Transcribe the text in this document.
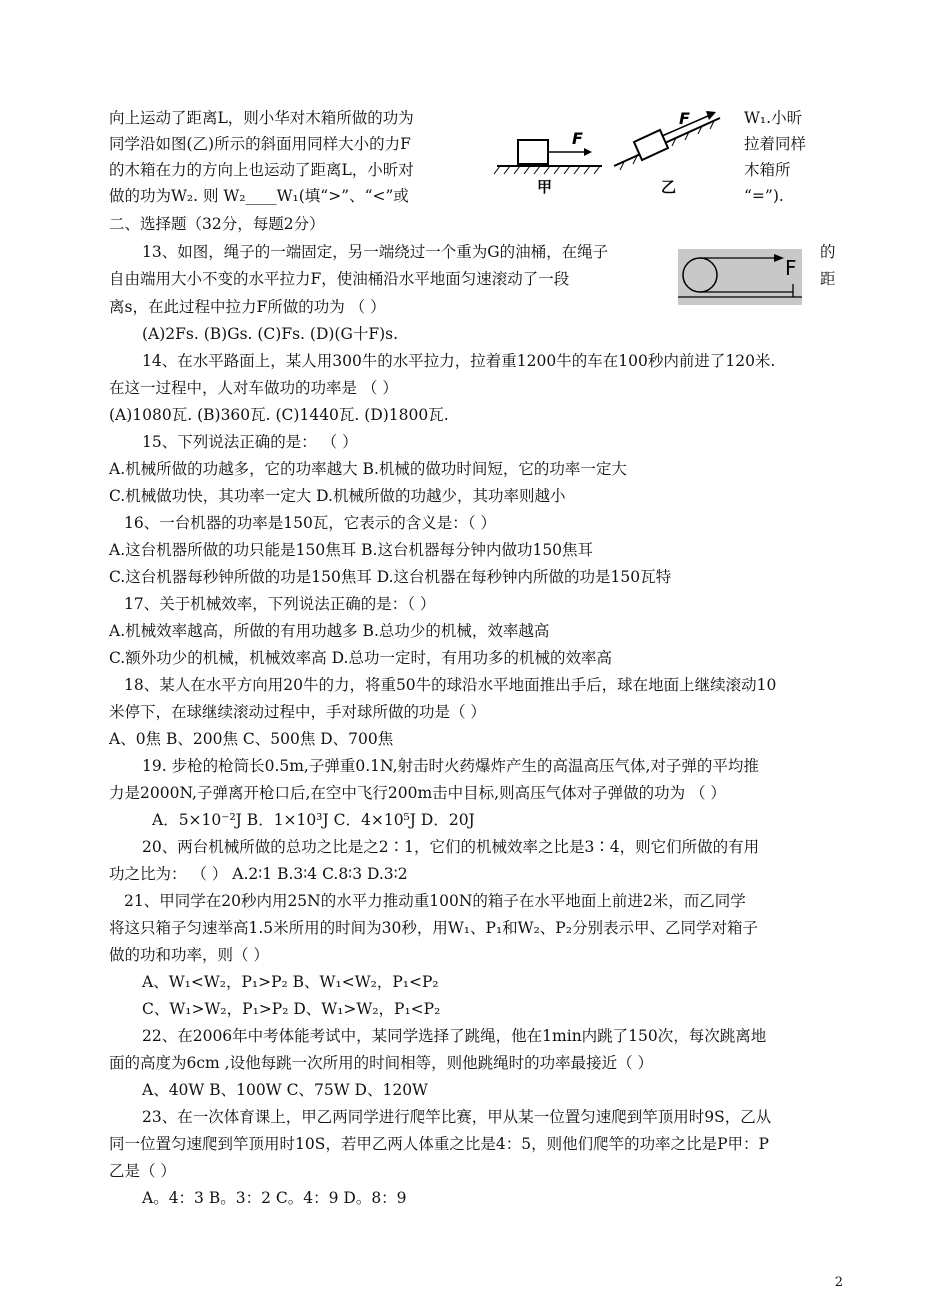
向上运动了距离L，则小华对木箱所做的功为	W₁.小昕
同学沿如图(乙)所示的斜面用同样大小的力F	拉着同样
的木箱在力的方向上也运动了距离L，小昕对	木箱所
做的功为W₂. 则 W₂____W₁(填“>”、“<”或	“=”).
F
甲
F
乙
二、选择题（32分，每题2分）
13、如图，绳子的一端固定，另一端绕过一个重为G的油桶，在绳子	的
自由端用大小不变的水平拉力F，使油桶沿水平地面匀速滚动了一段	距
离s，在此过程中拉力F所做的功为 （ ）
(A)2Fs. (B)Gs. (C)Fs. (D)(G十F)s.
F
14、在水平路面上，某人用300牛的水平拉力，拉着重1200牛的车在100秒内前进了120米.
在这一过程中，人对车做功的功率是 （ ）
(A)1080瓦. (B)360瓦. (C)1440瓦. (D)1800瓦.
15、下列说法正确的是： （ ）
A.机械所做的功越多，它的功率越大 B.机械的做功时间短，它的功率一定大
C.机械做功快，其功率一定大 D.机械所做的功越少，其功率则越小
16、一台机器的功率是150瓦，它表示的含义是：（ ）
A.这台机器所做的功只能是150焦耳 B.这台机器每分钟内做功150焦耳
C.这台机器每秒钟所做的功是150焦耳 D.这台机器在每秒钟内所做的功是150瓦特
17、关于机械效率，下列说法正确的是：（ ）
A.机械效率越高，所做的有用功越多 B.总功少的机械，效率越高
C.额外功少的机械，机械效率高 D.总功一定时，有用功多的机械的效率高
18、某人在水平方向用20牛的力，将重50牛的球沿水平地面推出手后，球在地面上继续滚动10
米停下，在球继续滚动过程中，手对球所做的功是（ ）
A、0焦 B、200焦 C、500焦 D、700焦
19. 步枪的枪筒长0.5m,子弹重0.1N,射击时火药爆炸产生的高温高压气体,对子弹的平均推
力是2000N,子弹离开枪口后,在空中飞行200m击中目标,则高压气体对子弹做的功为 （ ）
A．5×10⁻²J B．1×10³J C．4×10⁵J D．20J
20、两台机械所做的总功之比是之2∶1，它们的机械效率之比是3∶4，则它们所做的有用
功之比为： （ ） A.2∶1 B.3∶4 C.8∶3 D.3∶2
21、甲同学在20秒内用25N的水平力推动重100N的箱子在水平地面上前进2米，而乙同学
将这只箱子匀速举高1.5米所用的时间为30秒，用W₁、P₁和W₂、P₂分别表示甲、乙同学对箱子
做的功和功率，则（ ）
A、W₁<W₂，P₁>P₂ B、W₁<W₂，P₁<P₂
C、W₁>W₂，P₁>P₂ D、W₁>W₂，P₁<P₂
22、在2006年中考体能考试中，某同学选择了跳绳，他在1min内跳了150次，每次跳离地
面的高度为6cm ,设他每跳一次所用的时间相等，则他跳绳时的功率最接近（ ）
A、40W B、100W C、75W D、120W
23、在一次体育课上，甲乙两同学进行爬竿比赛，甲从某一位置匀速爬到竿顶用时9S，乙从
同一位置匀速爬到竿顶用时10S，若甲乙两人体重之比是4：5，则他们爬竿的功率之比是P甲：P
乙是（ ）
A。4：3 B。3：2 C。4：9 D。8：9
2
